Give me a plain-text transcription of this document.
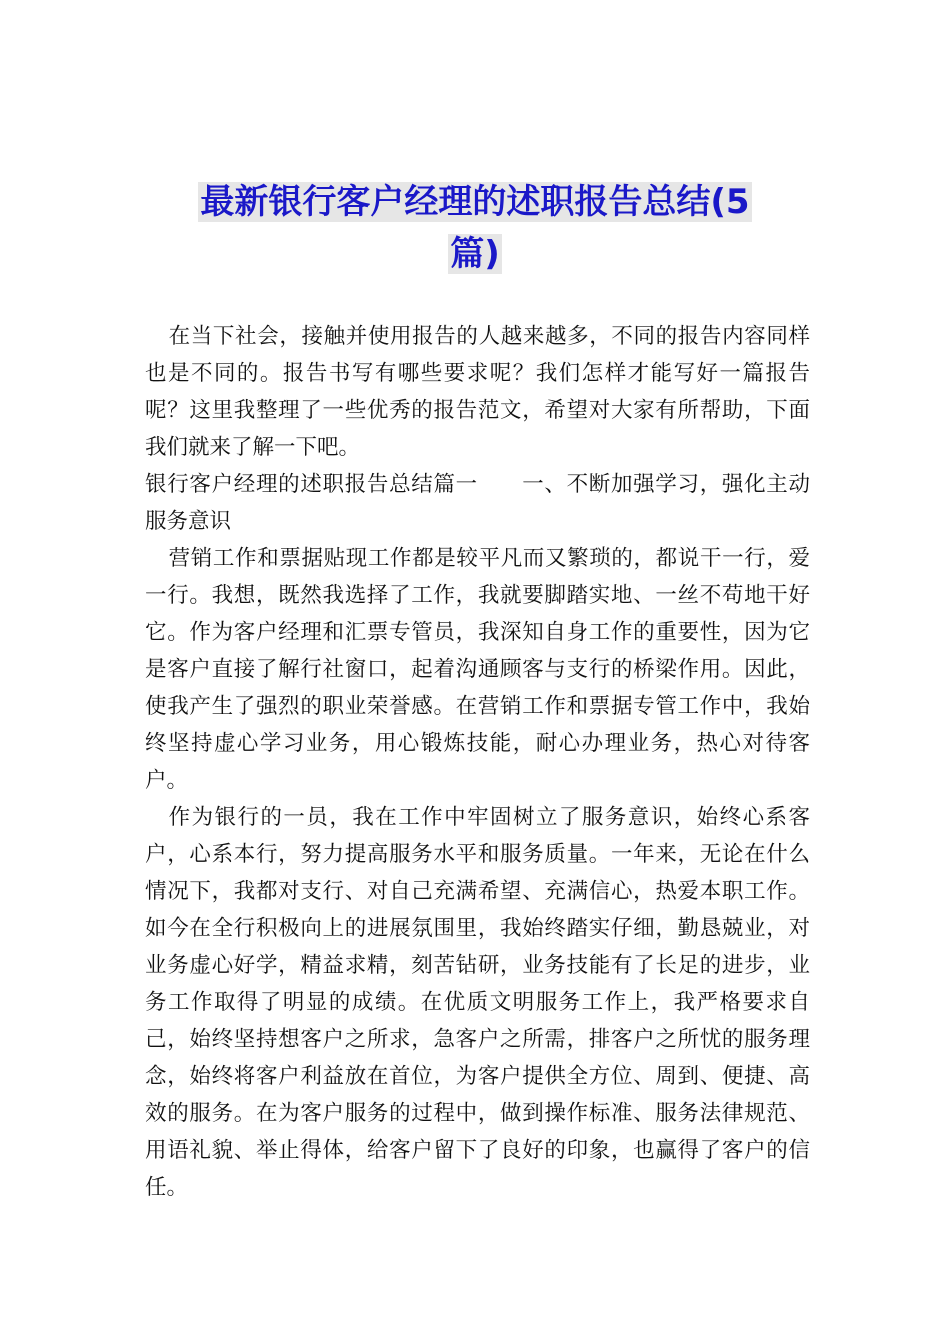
最新银行客户经理的述职报告总结(5
篇)

在当下社会，接触并使用报告的人越来越多，不同的报告内容同样也是不同的。报告书写有哪些要求呢？我们怎样才能写好一篇报告呢？这里我整理了一些优秀的报告范文，希望对大家有所帮助，下面我们就来了解一下吧。

银行客户经理的述职报告总结篇一　　一、不断加强学习，强化主动服务意识

营销工作和票据贴现工作都是较平凡而又繁琐的，都说干一行，爱一行。我想，既然我选择了工作，我就要脚踏实地、一丝不苟地干好它。作为客户经理和汇票专管员，我深知自身工作的重要性，因为它是客户直接了解行社窗口，起着沟通顾客与支行的桥梁作用。因此，使我产生了强烈的职业荣誉感。在营销工作和票据专管工作中，我始终坚持虚心学习业务，用心锻炼技能，耐心办理业务，热心对待客户。

作为银行的一员，我在工作中牢固树立了服务意识，始终心系客户，心系本行，努力提高服务水平和服务质量。一年来，无论在什么情况下，我都对支行、对自己充满希望、充满信心，热爱本职工作。如今在全行积极向上的进展氛围里，我始终踏实仔细，勤恳兢业，对业务虚心好学，精益求精，刻苦钻研，业务技能有了长足的进步，业务工作取得了明显的成绩。在优质文明服务工作上，我严格要求自己，始终坚持想客户之所求，急客户之所需，排客户之所忧的服务理念，始终将客户利益放在首位，为客户提供全方位、周到、便捷、高效的服务。在为客户服务的过程中，做到操作标准、服务法律规范、用语礼貌、举止得体，给客户留下了良好的印象，也赢得了客户的信任。
